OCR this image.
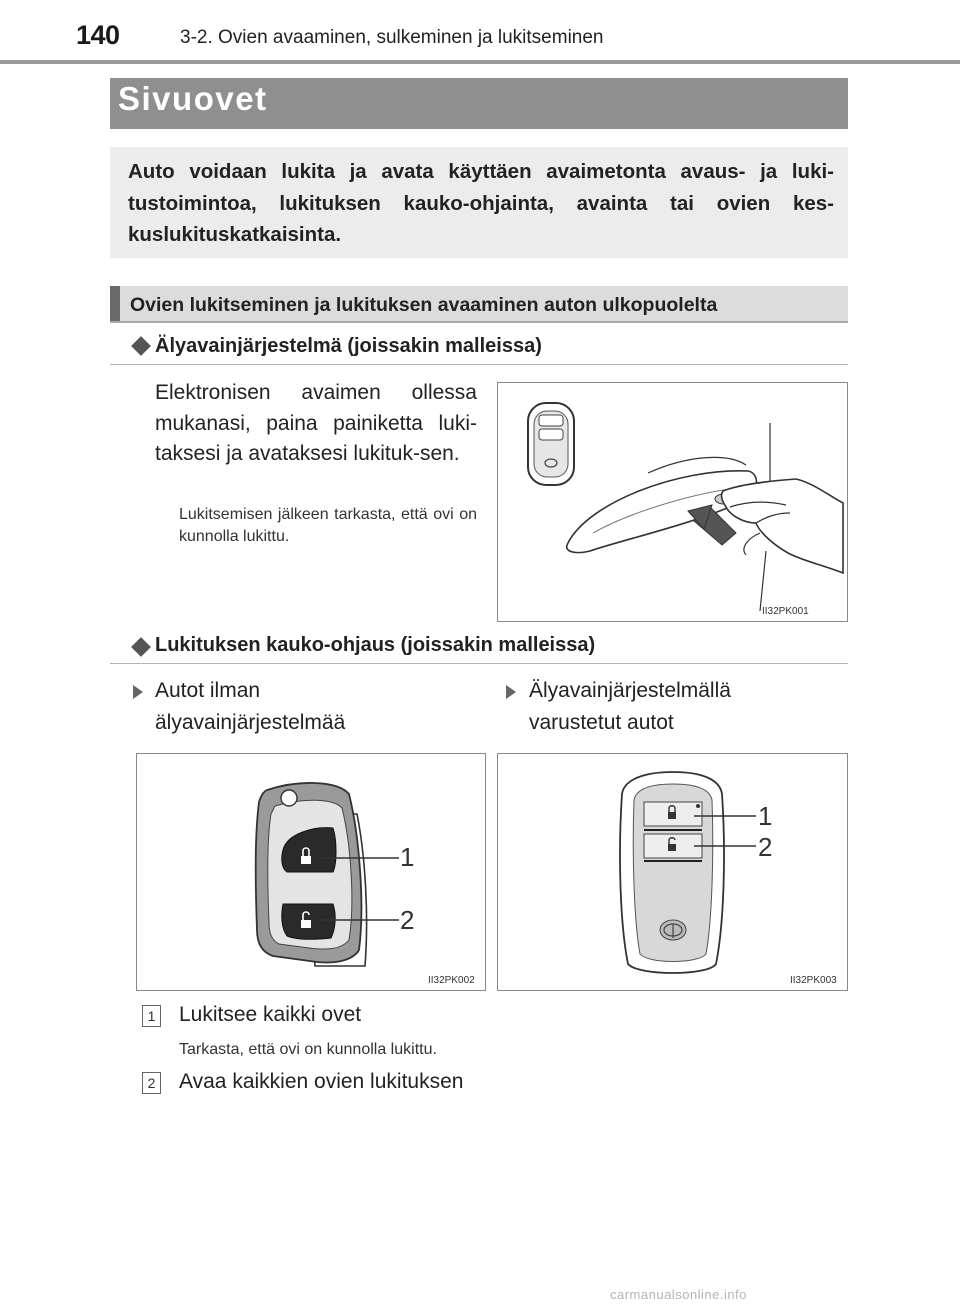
140	3-2. Ovien avaaminen, sulkeminen ja lukitseminen
Sivuovet
Auto voidaan lukita ja avata käyttäen avaimetonta avaus- ja luki-tustoimintoa, lukituksen kauko-ohjainta, avainta tai ovien kes-kuslukituskatkaisinta.
Ovien lukitseminen ja lukituksen avaaminen auton ulkopuolelta
Älyavainjärjestelmä (joissakin malleissa)
Elektronisen avaimen ollessa mukanasi, paina painiketta luki-taksesi ja avataksesi lukituk-sen.
Lukitsemisen jälkeen tarkasta, että ovi on kunnolla lukittu.
II32PK001
Lukituksen kauko-ohjaus (joissakin malleissa)
Autot ilman
älyavainjärjestelmää
Älyavainjärjestelmällä
varustetut autot
1
2
II32PK002
1
2
II32PK003
1 Lukitsee kaikki ovet
Tarkasta, että ovi on kunnolla lukittu.
2 Avaa kaikkien ovien lukituksen
carmanualsonline.info
